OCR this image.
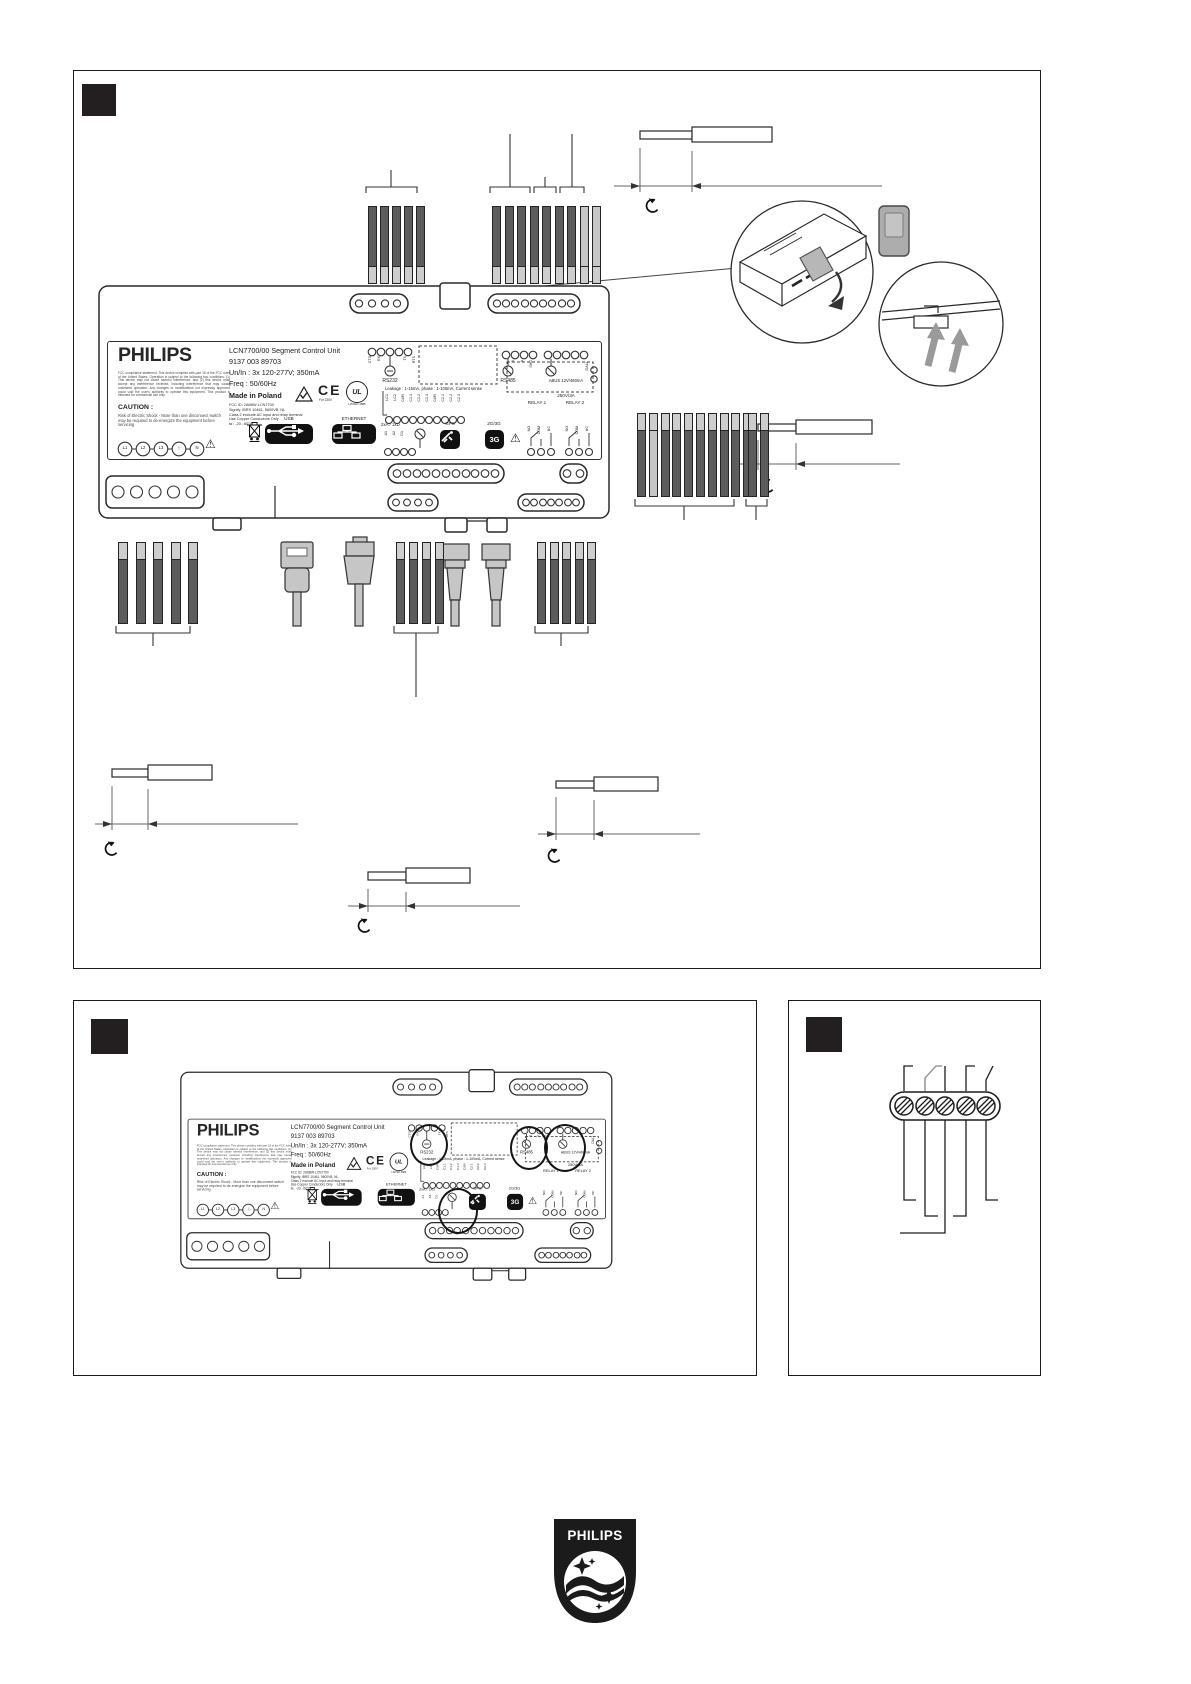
PHILIPS
FCC compliance statement: This device complies with part 15 of the FCC rules of the United States. Operation is subject to the following two conditions: (1) This device may not cause harmful interference, and (2) this device must accept any interference received, including interference that may cause undesired operation. Any changes or modifications not expressly approved could void the user's authority to operate this equipment. This product is intended for commercial use only.
CAUTION :
Risk of Electric Shock - More than one disconnect switch may be required to de-energize the equipment before servicing
L1	L2	L3	⏚	N ⚠
LCN7700/00 Segment Control Unit
9137 003 89703
Un/In : 3x 120-277V; 350mA
Freq : 50/60Hz
Made in Poland
FCC ID: 2A6BW-LCN7700
Signify, IBRS 10461, 5600VB, NL
Class 2 exclude AC input and relay terminal
Use Copper Conductors Only
ta : -20...60°C
CE
For 230V
UL
LISTED 4886
USB	ETHERNET
CTS RX	TX RTS
RS232
B A SHD
RS485	ABUS 12V/460mA
Leakage : 1-15mA, phase : 1-100mA, Current sense
LC1 LC2 CUR C1.1 C1.2 C1.3 CUR C2.1 C2.2 C2.3
2xA / 1xD
A1 A2 D1
GPS	2G/3G
3G ⚠
250V/3A
RELAY 1	RELAY 2
NO COM NC	NO COM NC
DALI
PHILIPS
FCC compliance statement: This device complies with part 15 of the FCC rules of the United States. Operation is subject to the following two conditions: (1) This device may not cause harmful interference, and (2) this device must accept any interference received, including interference that may cause undesired operation. Any changes or modifications not expressly approved could void the user's authority to operate this equipment. This product is intended for commercial use only.
CAUTION :
Risk of Electric Shock - More than one disconnect switch may be required to de-energize the equipment before servicing
L1	L2	L3	⏚	N ⚠
LCN7700/00 Segment Control Unit
9137 003 89703
Un/In : 3x 120-277V; 350mA
Freq : 50/60Hz
Made in Poland
FCC ID: 2A6BW-LCN7700
Signify, IBRS 10461, 5600VB, NL
Class 2 exclude AC input and relay terminal
Use Copper Conductors Only
ta : -20...60°C
CE
For 230V
UL
LISTED 4886
USB	ETHERNET
CTS RX	TX RTS
RS232
B A SHD
RS485	ABUS 12V/460mA
Leakage : 1-15mA, phase : 1-100mA, Current sense
LC1 LC2 CUR C1.1 C1.2 C1.3 CUR C2.1 C2.2 C2.3
2xA / 1xD
A1 A2 D1
GPS	2G/3G
3G ⚠
250V/3A
RELAY 1	RELAY 2
NO COM NC	NO COM NC
DALI
PHILIPS
